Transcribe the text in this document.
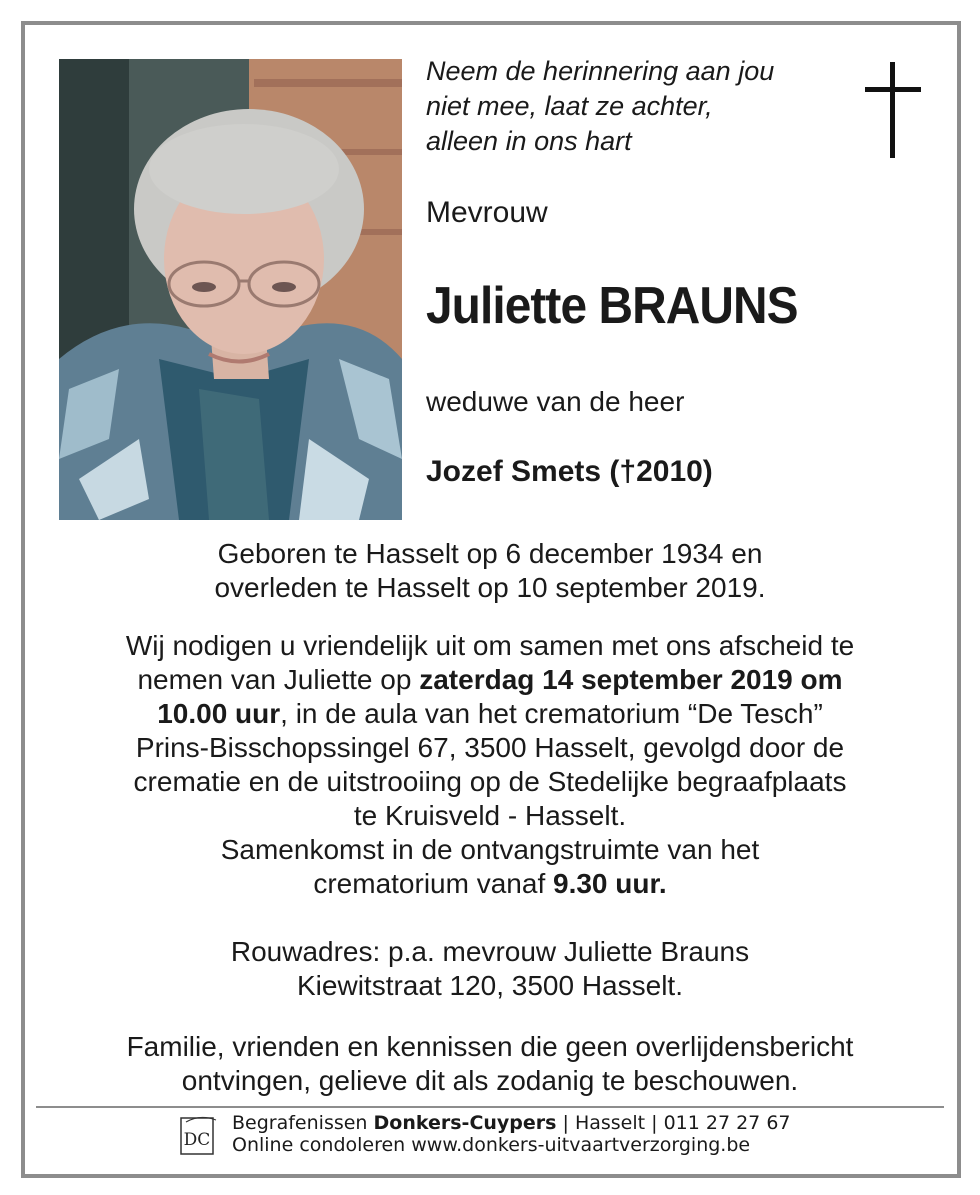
Neem de herinnering aan jou
niet mee, laat ze achter,
alleen in ons hart
Mevrouw
Juliette BRAUNS
weduwe van de heer
Jozef Smets (†2010)
Geboren te Hasselt op 6 december 1934 en
overleden te Hasselt op 10 september 2019.
Wij nodigen u vriendelijk uit om samen met ons afscheid te
nemen van Juliette op zaterdag 14 september 2019 om
10.00 uur, in de aula van het crematorium “De Tesch”
Prins-Bisschopssingel 67, 3500 Hasselt, gevolgd door de
crematie en de uitstrooiing op de Stedelijke begraafplaats
te Kruisveld - Hasselt.
Samenkomst in de ontvangstruimte van het
crematorium vanaf 9.30 uur.
Rouwadres: p.a. mevrouw Juliette Brauns
Kiewitstraat 120, 3500 Hasselt.
Familie, vrienden en kennissen die geen overlijdensbericht
ontvingen, gelieve dit als zodanig te beschouwen.
DC
Begrafenissen Donkers-Cuypers | Hasselt | 011 27 27 67
Online condoleren www.donkers-uitvaartverzorging.be
